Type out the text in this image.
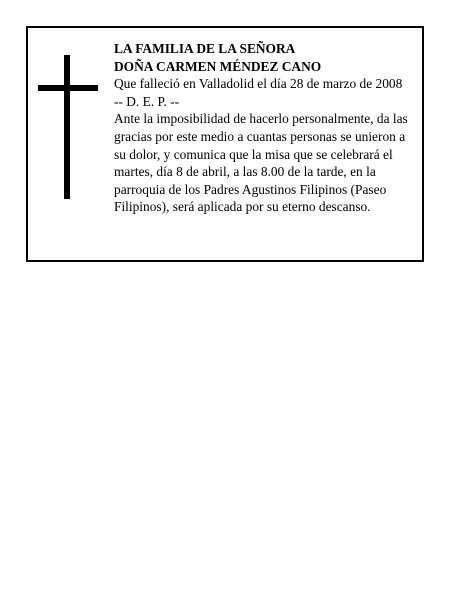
LA FAMILIA DE LA SEÑORA
DOÑA CARMEN MÉNDEZ CANO
Que falleció en Valladolid el día 28 de marzo de 2008
-- D. E. P. --
Ante la imposibilidad de hacerlo personalmente, da las gracias por este medio a cuantas personas se unieron a su dolor, y comunica que la misa que se celebrará el martes, día 8 de abril, a las 8.00 de la tarde, en la parroquia de los Padres Agustinos Filipinos (Paseo Filipinos), será aplicada por su eterno descanso.
